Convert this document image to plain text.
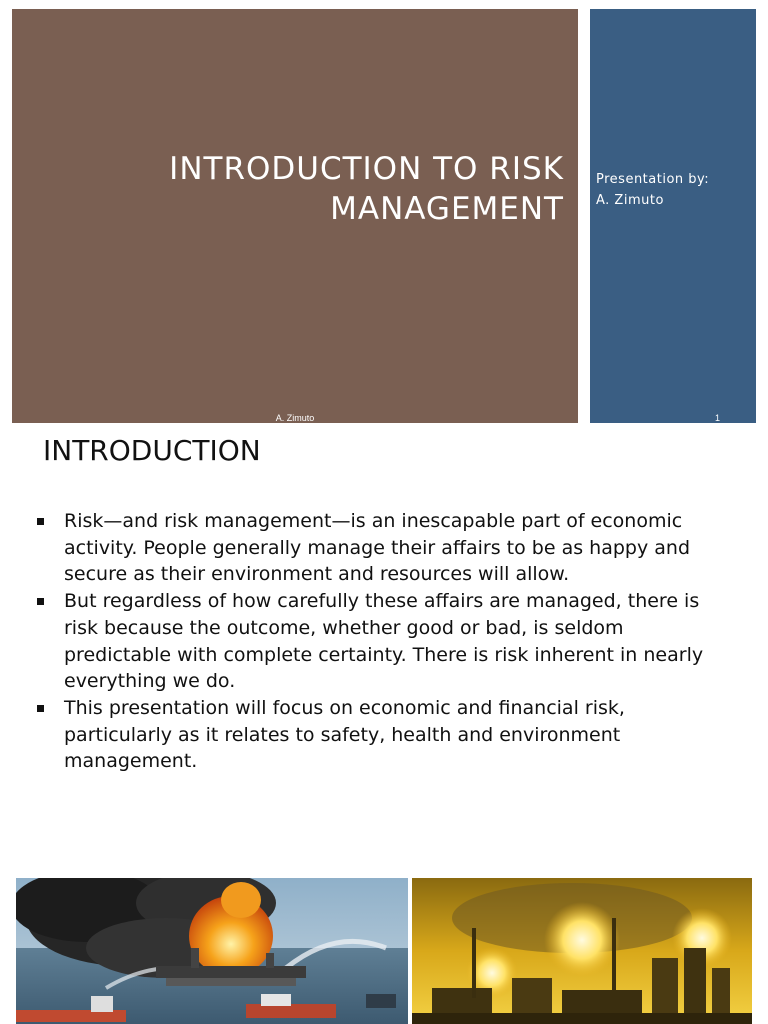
INTRODUCTION TO RISK MANAGEMENT
A. Zimuto
Presentation by:
A. Zimuto
1
INTRODUCTION
Risk—and risk management—is an inescapable part of economic activity. People generally manage their affairs to be as happy and secure as their environment and resources will allow.
But regardless of how carefully these affairs are managed, there is risk because the outcome, whether good or bad, is seldom predictable with complete certainty. There is risk inherent in nearly everything we do.
This presentation will focus on economic and financial risk, particularly as it relates to safety, health and environment management.
